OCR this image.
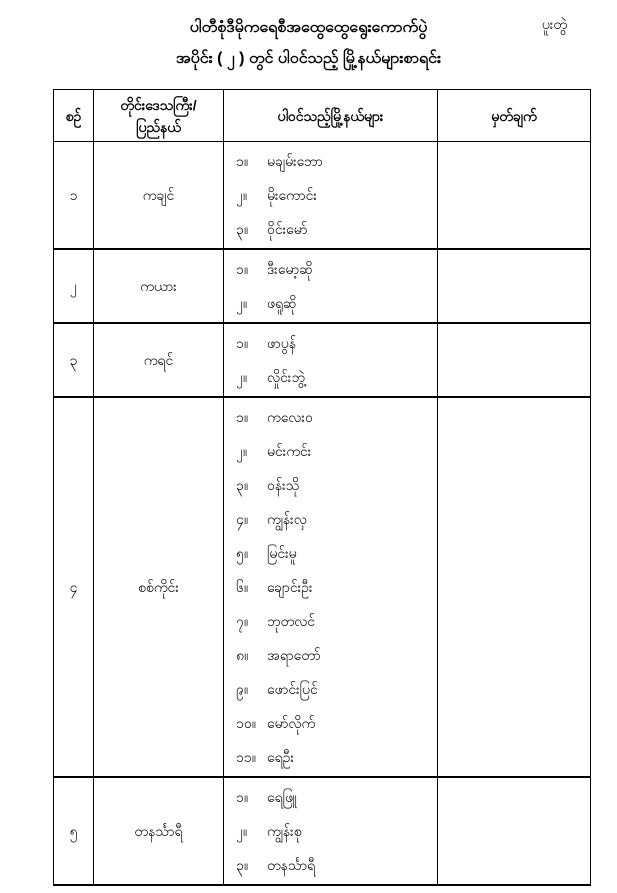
ပူးတွဲ
ပါတီစုံဒီမိုကရေစီအထွေထွေရွေးကောက်ပွဲ
အပိုင်း ( ၂ ) တွင် ပါဝင်သည့် မြို့နယ်များစာရင်း
စဉ်	တိုင်းဒေသကြီး/
ပြည်နယ်	ပါဝင်သည့်မြို့နယ်များ	မှတ်ချက်
၁	ကချင်	
၁။	မချမ်းဘော
၂။	မိုးကောင်း
၃။	ဝိုင်းမော်

၂	ကယား	၁။ ဒီးမော့ဆို
၂။ ဖရူဆို	

၃	ကရင်	၁။ ဖာပွန်
၂။ လှိုင်းဘွဲ့	

၄	စစ်ကိုင်း	
၁။	ကလေးဝ
၂။	မင်းကင်း
၃။	ဝန်းသို
၄။	ကျွန်းလှ
၅။	မြင်းမူ
၆။	ချောင်းဦး
၇။	ဘုတလင်
၈။	အရာတော်
၉။	ဖောင်းပြင်
၁၀။ မော်လိုက်
၁၁။ ရေဦး

၅	တနင်္သာရီ	
၁။	ရေဖြူ
၂။	ကျွန်းစု
၃။	တနင်္သာရီ
